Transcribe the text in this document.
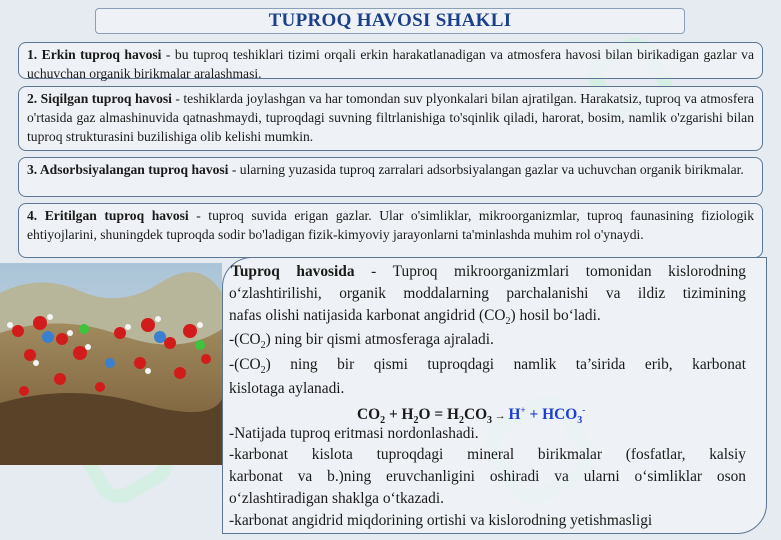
TUPROQ HAVOSI SHAKLI
1. Erkin tuproq havosi - bu tuproq teshiklari tizimi orqali erkin harakatlanadigan va atmosfera havosi bilan birikadigan gazlar va uchuvchan organik birikmalar aralashmasi.
2. Siqilgan tuproq havosi - teshiklarda joylashgan va har tomondan suv plyonkalari bilan ajratilgan. Harakatsiz, tuproq va atmosfera o'rtasida gaz almashinuvida qatnashmaydi, tuproqdagi suvning filtrlanishiga to'sqinlik qiladi, harorat, bosim, namlik o'zgarishi bilan tuproq strukturasini buzilishiga olib kelishi mumkin.
3. Adsorbsiyalangan tuproq havosi - ularning yuzasida tuproq zarralari adsorbsiyalangan gazlar va uchuvchan organik birikmalar.
4. Eritilgan tuproq havosi - tuproq suvida erigan gazlar. Ular o'simliklar, mikroorganizmlar, tuproq faunasining fiziologik ehtiyojlarini, shuningdek tuproqda sodir bo'ladigan fizik-kimyoviy jarayonlarni ta'minlashda muhim rol o'ynaydi.
Tuproq havosida - Tuproq mikroorganizmlari tomonidan kislorodning
o‘zlashtirilishi, organik moddalarning parchalanishi va ildiz tizimining
nafas olishi natijasida karbonat angidrid $(CO_2)$ hosil bo‘ladi.
$-(CO_2)$ ning bir qismi atmosferaga ajraladi.
$-(CO_2)$ ning bir qismi tuproqdagi namlik ta’sirida erib, karbonat
kislotaga aylanadi.
$CO_2 + H_2O = H_2CO_3 \to H^+ + HCO_3^-$
-Natijada tuproq eritmasi nordonlashadi.
-karbonat kislota tuproqdagi mineral birikmalar (fosfatlar, kalsiy
karbonat va b.)ning eruvchanligini oshiradi va ularni o‘simliklar oson
o‘zlashtiradigan shaklga o‘tkazadi.
-karbonat angidrid miqdorining ortishi va kislorodning yetishmasligi
